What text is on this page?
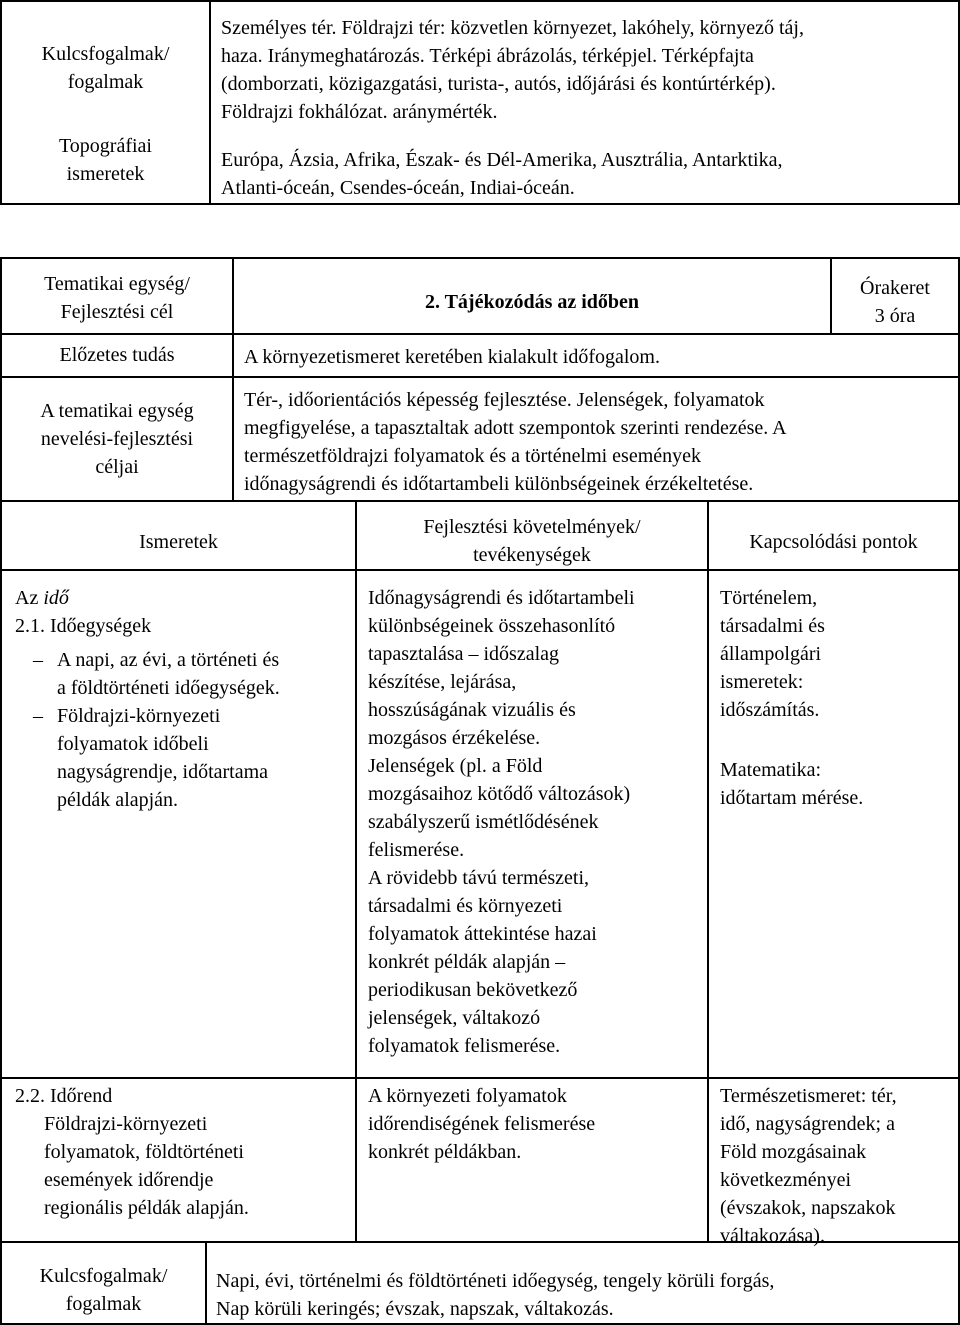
Kulcsfogalmak/
fogalmak
Személyes tér. Földrajzi tér: közvetlen környezet, lakóhely, környező táj,
haza. Iránymeghatározás. Térképi ábrázolás, térképjel. Térképfajta
(domborzati, közigazgatási, turista-, autós, időjárási és kontúrtérkép).
Földrajzi fokhálózat. aránymérték.
Topográfiai
ismeretek
Európa, Ázsia, Afrika, Észak- és Dél-Amerika, Ausztrália, Antarktika,
Atlanti-óceán, Csendes-óceán, Indiai-óceán.
Tematikai egység/
Fejlesztési cél	2. Tájékozódás az időben
Órakeret
3 óra
Előzetes tudás	A környezetismeret keretében kialakult időfogalom.
A tematikai egység
nevelési-fejlesztési
céljai
Tér-, időorientációs képesség fejlesztése. Jelenségek, folyamatok
megfigyelése, a tapasztaltak adott szempontok szerinti rendezése. A
természetföldrajzi folyamatok és a történelmi események
időnagyságrendi és időtartambeli különbségeinek érzékeltetése.
Ismeretek
Fejlesztési követelmények/
tevékenységek
Kapcsolódási pontok
Az idő
2.1. Időegységek
– A napi, az évi, a történeti és
a földtörténeti időegységek.
– Földrajzi-környezeti
folyamatok időbeli
nagyságrendje, időtartama
példák alapján.
Időnagyságrendi és időtartambeli
különbségeinek összehasonlító
tapasztalása – időszalag
készítése, lejárása,
hosszúságának vizuális és
mozgásos érzékelése.
Jelenségek (pl. a Föld
mozgásaihoz kötődő változások)
szabályszerű ismétlődésének
felismerése.
A rövidebb távú természeti,
társadalmi és környezeti
folyamatok áttekintése hazai
konkrét példák alapján –
periodikusan bekövetkező
jelenségek, váltakozó
folyamatok felismerése.
Történelem,
társadalmi és
állampolgári
ismeretek:
időszámítás.
Matematika:
időtartam mérése.
2.2. Időrend
Földrajzi-környezeti
folyamatok, földtörténeti
események időrendje
regionális példák alapján.
A környezeti folyamatok
időrendiségének felismerése
konkrét példákban.
Természetismeret: tér,
idő, nagyságrendek; a
Föld mozgásainak
következményei
(évszakok, napszakok
váltakozása).
Kulcsfogalmak/
fogalmak
Napi, évi, történelmi és földtörténeti időegység, tengely körüli forgás,
Nap körüli keringés; évszak, napszak, váltakozás.
